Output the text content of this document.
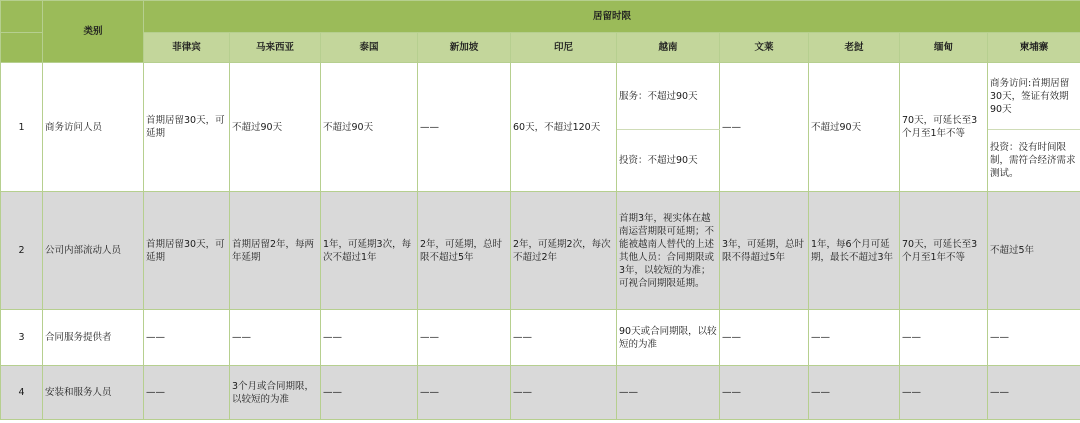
	类别	居留时限									
		菲律宾	马来西亚	泰国	新加坡	印尼	越南	文莱	老挝	缅甸	柬埔寨
1	商务访问人员	首期居留30天，可延期	不超过90天	不超过90天	——	60天，不超过120天	服务：不超过90天	——	不超过90天	70天，可延长至3个月至1年不等	商务访问:首期居留30天，签证有效期90天
							投资：不超过90天				投资：没有时间限制，需符合经济需求测试。
2	公司内部流动人员	首期居留30天，可延期	首期居留2年，每两年延期	1年，可延期3次，每次不超过1年	2年，可延期，总时限不超过5年	2年，可延期2次，每次不超过2年	首期3年，视实体在越南运营期限可延期；不能被越南人替代的上述其他人员：合同期限或3年，以较短的为准；可视合同期限延期。	3年，可延期，总时限不得超过5年	1年，每6个月可延期，最长不超过3年	70天，可延长至3个月至1年不等	不超过5年
3	合同服务提供者	——	——	——	——	——	90天或合同期限，以较短的为准	——	——	——	——
4	安装和服务人员	——	3个月或合同期限，以较短的为准	——	——	——	——	——	——	——	——
